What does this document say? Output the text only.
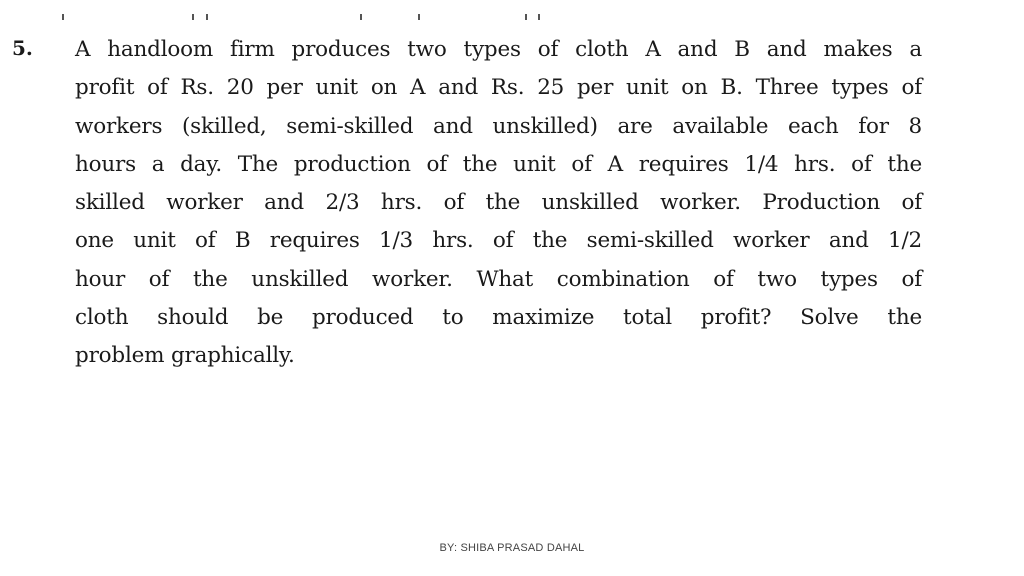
5. A handloom firm produces two types of cloth A and B and makes a
profit of Rs. 20 per unit on A and Rs. 25 per unit on B. Three types of
workers (skilled, semi-skilled and unskilled) are available each for 8
hours a day. The production of the unit of A requires 1/4 hrs. of the
skilled worker and 2/3 hrs. of the unskilled worker. Production of
one unit of B requires 1/3 hrs. of the semi-skilled worker and 1/2
hour of the unskilled worker. What combination of two types of
cloth should be produced to maximize total profit? Solve the
problem graphically.
BY: SHIBA PRASAD DAHAL
